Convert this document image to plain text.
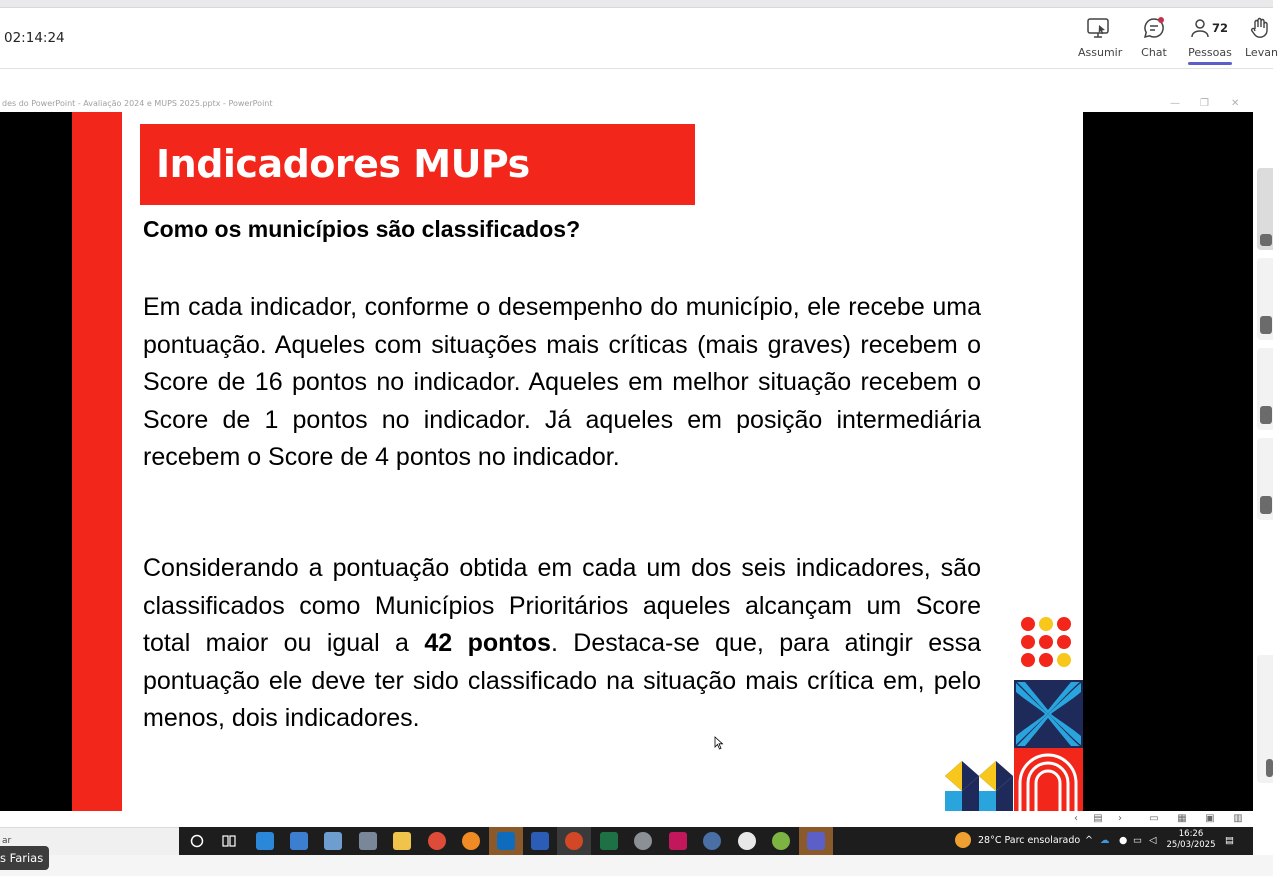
02:14:24
Assumir Chat
72
Pessoas Levan
des do PowerPoint - Avaliação 2024 e MUPS 2025.pptx - PowerPoint	— ❐ ✕
Indicadores MUPs
Como os municípios são classificados?
Em cada indicador, conforme o desempenho do município, ele recebe uma pontuação. Aqueles com situações mais críticas (mais graves) recebem o Score de 16 pontos no indicador. Aqueles em melhor situação recebem o Score de 1 pontos no indicador. Já aqueles em posição intermediária recebem o Score de 4 pontos no indicador.
Considerando a pontuação obtida em cada um dos seis indicadores, são classificados como Municípios Prioritários aqueles alcançam um Score total maior ou igual a 42 pontos. Destaca-se que, para atingir essa pontuação ele deve ter sido classificado na situação mais crítica em, pelo menos, dois indicadores.
‹	▤	›	▭ ▦ ▣ ▥
ar	28°C Parc ensolarado ^ ☁ ● ▭ ◁
16:26
25/03/2025 ▤
s Farias
